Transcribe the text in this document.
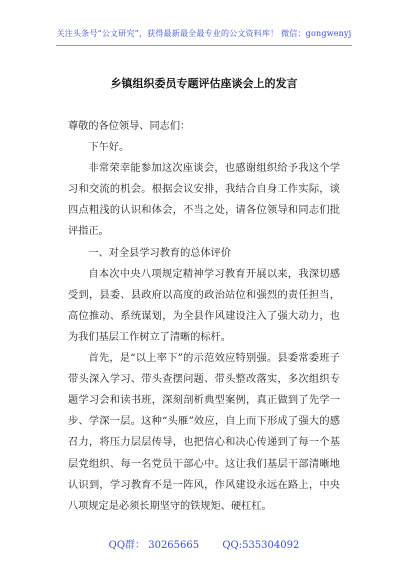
关注头条号“公文研究”，获得最新最全最专业的公文资料库！ 微信：gongwenyj
乡镇组织委员专题评估座谈会上的发言

尊敬的各位领导、同志们：

下午好。

非常荣幸能参加这次座谈会，也感谢组织给予我这个学习和交流的机会。根据会议安排，我结合自身工作实际，谈四点粗浅的认识和体会，不当之处，请各位领导和同志们批评指正。

一、对全县学习教育的总体评价

自本次中央八项规定精神学习教育开展以来，我深切感受到，县委、县政府以高度的政治站位和强烈的责任担当，高位推动、系统谋划，为全县作风建设注入了强大动力，也为我们基层工作树立了清晰的标杆。

首先，是“以上率下”的示范效应特别强。县委常委班子带头深入学习、带头查摆问题、带头整改落实，多次组织专题学习会和读书班，深刻剖析典型案例，真正做到了先学一步、学深一层。这种“头雁”效应，自上而下形成了强大的感召力，将压力层层传导，也把信心和决心传递到了每一个基层党组织、每一名党员干部心中。这让我们基层干部清晰地认识到，学习教育不是一阵风，作风建设永远在路上，中央八项规定是必须长期坚守的铁规矩、硬杠杠。

QQ群： 30265665 QQ:535304092
